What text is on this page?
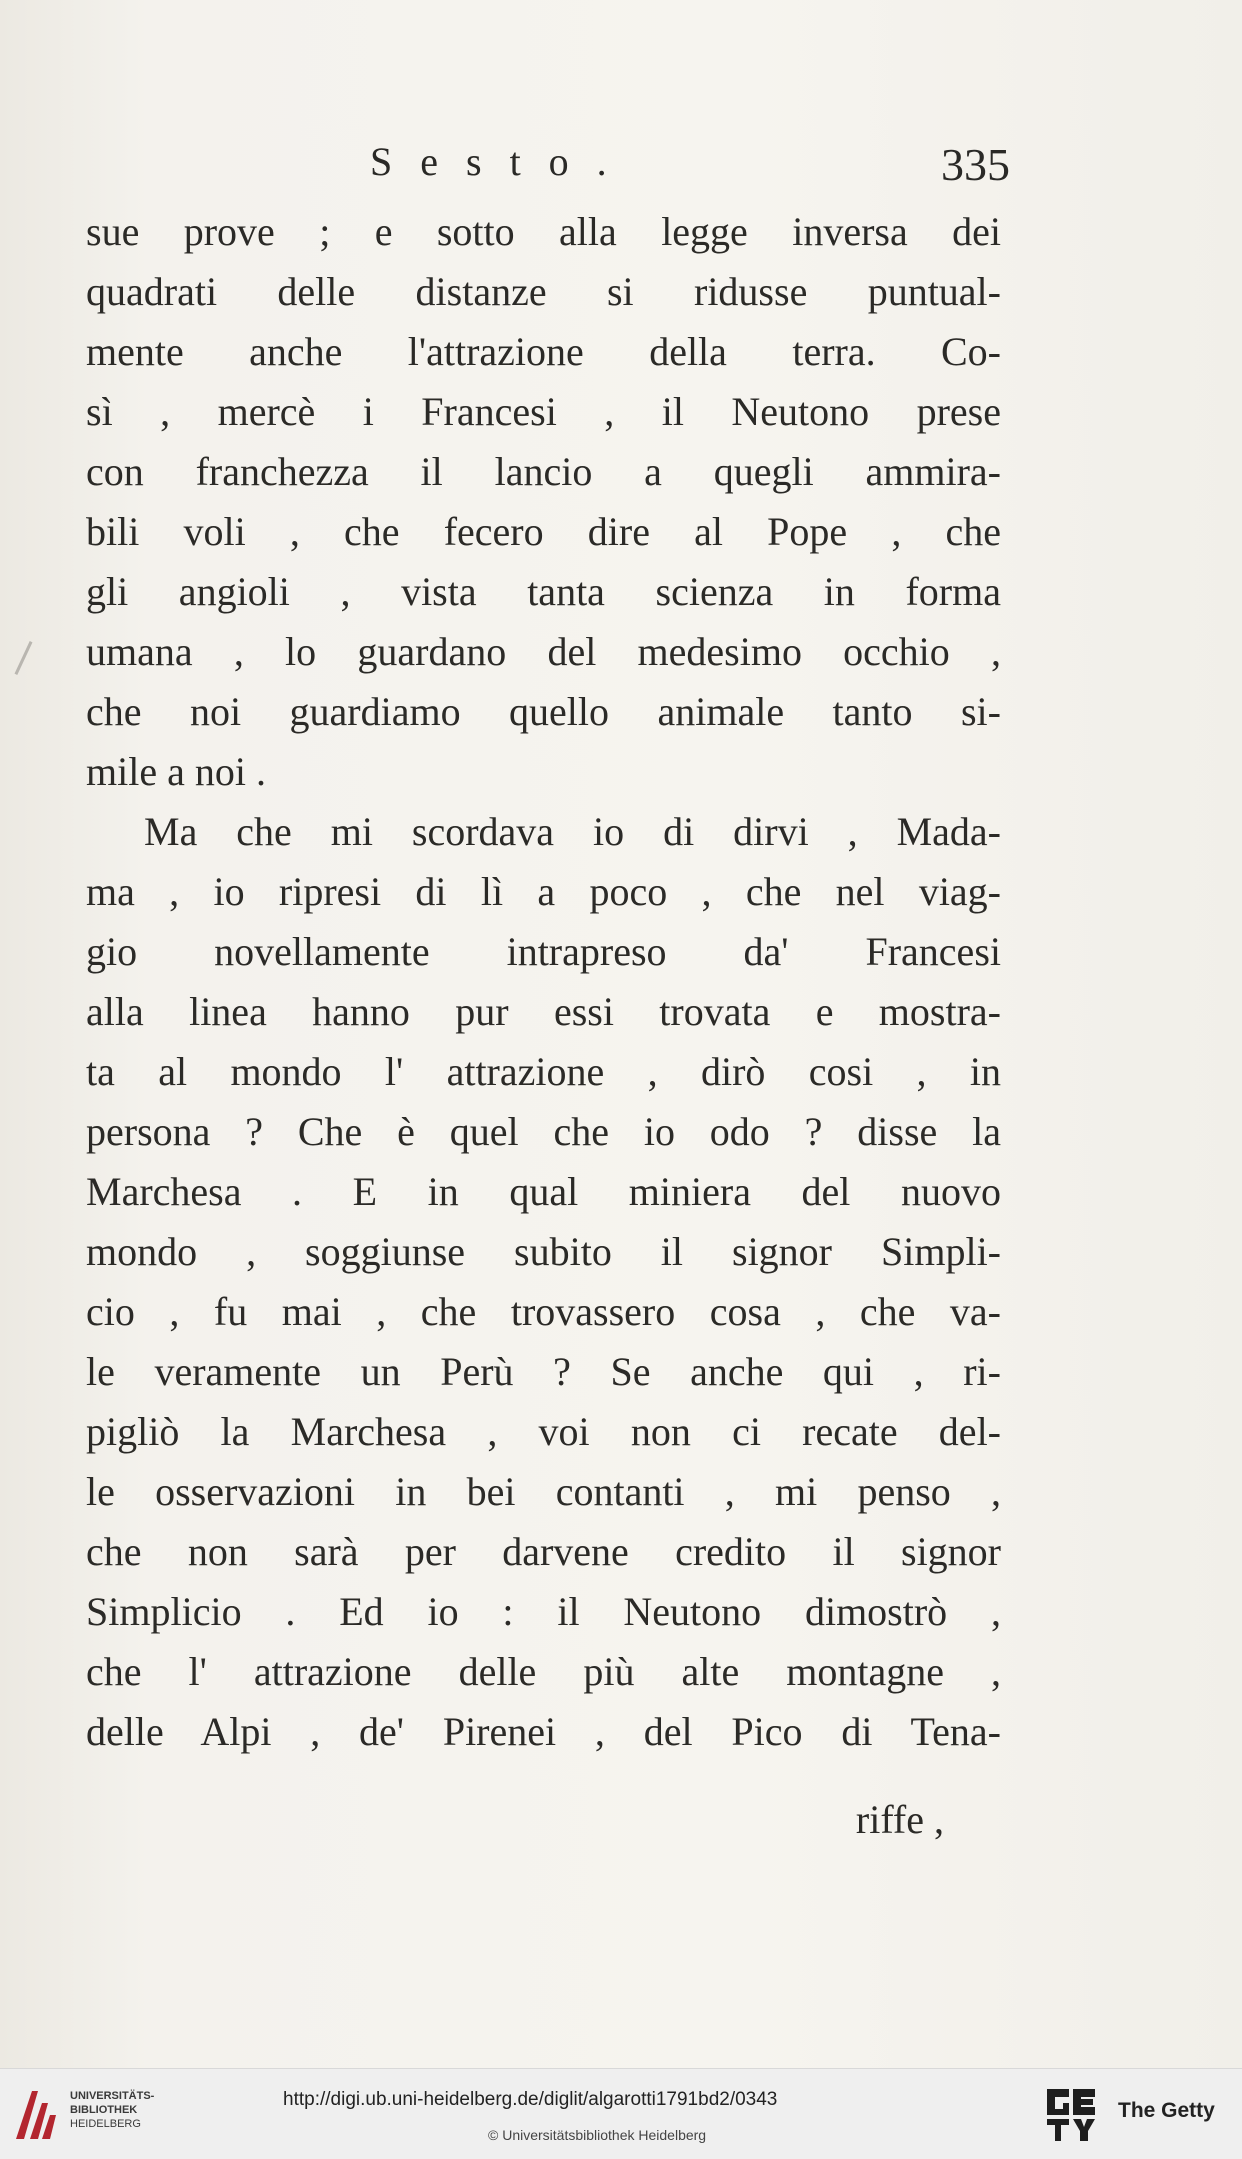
Sesto.	335
sue prove ; e sotto alla legge inversa dei
quadrati delle distanze si ridusse puntual-
mente anche l'attrazione della terra. Co-
sì , mercè i Francesi , il Neutono prese
con franchezza il lancio a quegli ammira-
bili voli , che fecero dire al Pope , che
gli angioli , vista tanta scienza in forma
umana , lo guardano del medesimo occhio ,
che noi guardiamo quello animale tanto si-
mile a noi .
Ma che mi scordava io di dirvi , Mada-
ma , io ripresi di lì a poco , che nel viag-
gio novellamente intrapreso da' Francesi
alla linea hanno pur essi trovata e mostra-
ta al mondo l' attrazione , dirò cosi , in
persona ? Che è quel che io odo ? disse la
Marchesa . E in qual miniera del nuovo
mondo , soggiunse subito il signor Simpli-
cio , fu mai , che trovassero cosa , che va-
le veramente un Perù ? Se anche qui , ri-
pigliò la Marchesa , voi non ci recate del-
le osservazioni in bei contanti , mi penso ,
che non sarà per darvene credito il signor
Simplicio . Ed io : il Neutono dimostrò ,
che l' attrazione delle più alte montagne ,
delle Alpi , de' Pirenei , del Pico di Tena-
riffe ,
UNIVERSITÄTS-
BIBLIOTHEK
HEIDELBERG
http://digi.ub.uni-heidelberg.de/diglit/algarotti1791bd2/0343
© Universitätsbibliothek Heidelberg
The Getty
